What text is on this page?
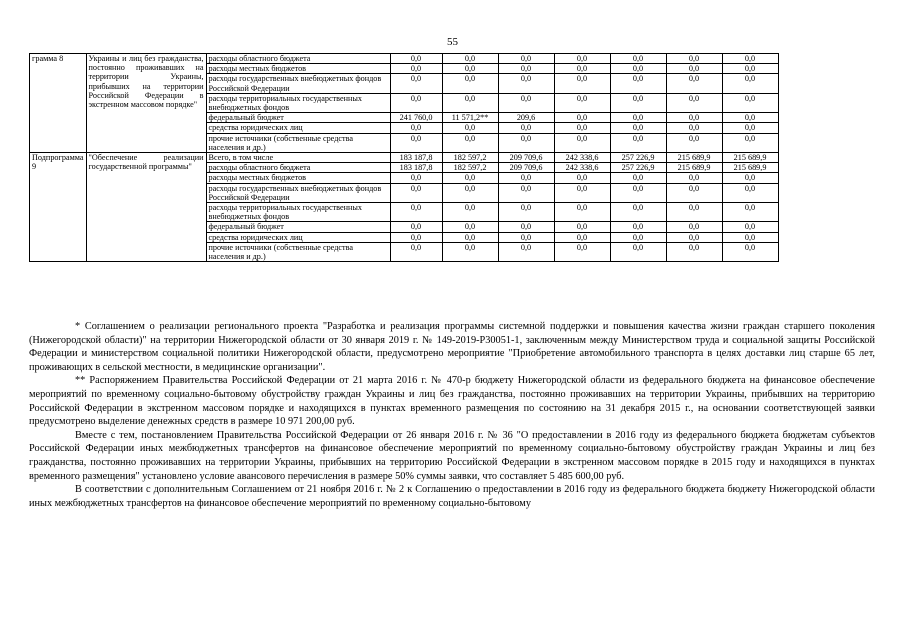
55
грамма 8	Украины и лиц без гражданства, постоянно проживавших на территории Украины, прибывших на территории Российской Федерации в экстренном массовом порядке"	расходы областного бюджета	0,0	0,0	0,0	0,0	0,0	0,0	0,0
		расходы местных бюджетов	0,0	0,0	0,0	0,0	0,0	0,0	0,0
		расходы государственных внебюджетных фондов Российской Федерации	0,0	0,0	0,0	0,0	0,0	0,0	0,0
		расходы территориальных государственных внебюджетных фондов	0,0	0,0	0,0	0,0	0,0	0,0	0,0
		федеральный бюджет	241 760,0	11 571,2**	209,6	0,0	0,0	0,0	0,0
		средства юридических лиц	0,0	0,0	0,0	0,0	0,0	0,0	0,0
		прочие источники (собственные средства населения и др.)	0,0	0,0	0,0	0,0	0,0	0,0	0,0
Подпрограмма 9	"Обеспечение реализации государственной программы"	Всего, в том числе	183 187,8	182 597,2	209 709,6	242 338,6	257 226,9	215 689,9	215 689,9
		расходы областного бюджета	183 187,8	182 597,2	209 709,6	242 338,6	257 226,9	215 689,9	215 689,9
		расходы местных бюджетов	0,0	0,0	0,0	0,0	0,0	0,0	0,0
		расходы государственных внебюджетных фондов Российской Федерации	0,0	0,0	0,0	0,0	0,0	0,0	0,0
		расходы территориальных государственных внебюджетных фондов	0,0	0,0	0,0	0,0	0,0	0,0	0,0
		федеральный бюджет	0,0	0,0	0,0	0,0	0,0	0,0	0,0
		средства юридических лиц	0,0	0,0	0,0	0,0	0,0	0,0	0,0
		прочие источники (собственные средства населения и др.)	0,0	0,0	0,0	0,0	0,0	0,0	0,0

* Соглашением о реализации регионального проекта "Разработка и реализация программы системной поддержки и повышения качества жизни граждан старшего поколения (Нижегородской области)" на территории Нижегородской области от 30 января 2019 г. № 149-2019-Р30051-1, заключенным между Министерством труда и социальной защиты Российской Федерации и министерством социальной политики Нижегородской области, предусмотрено мероприятие "Приобретение автомобильного транспорта в целях доставки лиц старше 65 лет, проживающих в сельской местности, в медицинские организации".

** Распоряжением Правительства Российской Федерации от 21 марта 2016 г. № 470-р бюджету Нижегородской области из федерального бюджета на финансовое обеспечение мероприятий по временному социально-бытовому обустройству граждан Украины и лиц без гражданства, постоянно проживавших на территории Украины, прибывших на территорию Российской Федерации в экстренном массовом порядке и находящихся в пунктах временного размещения по состоянию на 31 декабря 2015 г., на основании соответствующей заявки предусмотрено выделение денежных средств в размере 10 971 200,00 руб.

Вместе с тем, постановлением Правительства Российской Федерации от 26 января 2016 г. № 36 "О предоставлении в 2016 году из федерального бюджета бюджетам субъектов Российской Федерации иных межбюджетных трансфертов на финансовое обеспечение мероприятий по временному социально-бытовому обустройству граждан Украины и лиц без гражданства, постоянно проживавших на территории Украины, прибывших на территорию Российской Федерации в экстренном массовом порядке в 2015 году и находящихся в пунктах временного размещения" установлено условие авансового перечисления в размере 50% суммы заявки, что составляет 5 485 600,00 руб.

В соответствии с дополнительным Соглашением от 21 ноября 2016 г. № 2 к Соглашению о предоставлении в 2016 году из федерального бюджета бюджету Нижегородской области иных межбюджетных трансфертов на финансовое обеспечение мероприятий по временному социально-бытовому
